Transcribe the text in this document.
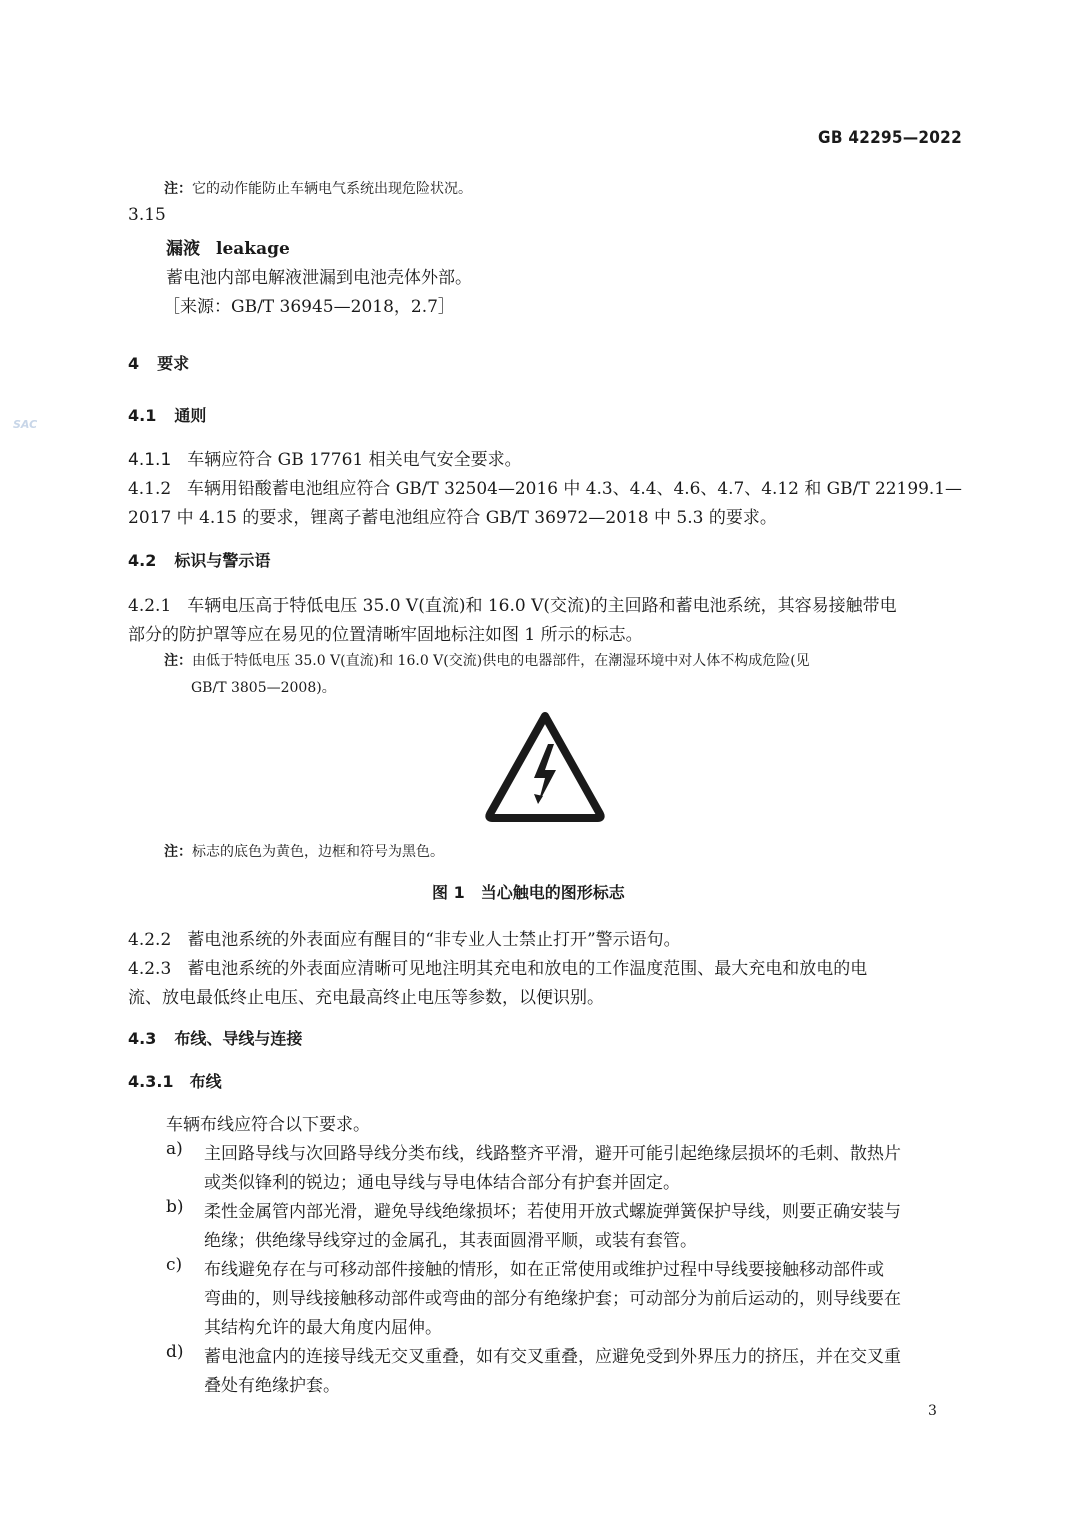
GB 42295—2022
SAC
注：它的动作能防止车辆电气系统出现危险状况。
3.15
漏液 leakage
蓄电池内部电解液泄漏到电池壳体外部。
［来源：GB/T 36945—2018，2.7］
4 要求
4.1 通则
4.1.1 车辆应符合 GB 17761 相关电气安全要求。
4.1.2 车辆用铅酸蓄电池组应符合 GB/T 32504—2016 中 4.3、4.4、4.6、4.7、4.12 和 GB/T 22199.1—
2017 中 4.15 的要求，锂离子蓄电池组应符合 GB/T 36972—2018 中 5.3 的要求。
4.2 标识与警示语
4.2.1 车辆电压高于特低电压 35.0 V(直流)和 16.0 V(交流)的主回路和蓄电池系统，其容易接触带电
部分的防护罩等应在易见的位置清晰牢固地标注如图 1 所示的标志。
注：由低于特低电压 35.0 V(直流)和 16.0 V(交流)供电的电器部件，在潮湿环境中对人体不构成危险(见
GB/T 3805—2008)。
注：标志的底色为黄色，边框和符号为黑色。
图 1　当心触电的图形标志
4.2.2 蓄电池系统的外表面应有醒目的“非专业人士禁止打开”警示语句。
4.2.3 蓄电池系统的外表面应清晰可见地注明其充电和放电的工作温度范围、最大充电和放电的电
流、放电最低终止电压、充电最高终止电压等参数，以便识别。
4.3 布线、导线与连接
4.3.1 布线
车辆布线应符合以下要求。
a) 主回路导线与次回路导线分类布线，线路整齐平滑，避开可能引起绝缘层损坏的毛刺、散热片
或类似锋利的锐边；通电导线与导电体结合部分有护套并固定。
b) 柔性金属管内部光滑，避免导线绝缘损坏；若使用开放式螺旋弹簧保护导线，则要正确安装与
绝缘；供绝缘导线穿过的金属孔，其表面圆滑平顺，或装有套管。
c) 布线避免存在与可移动部件接触的情形，如在正常使用或维护过程中导线要接触移动部件或
弯曲的，则导线接触移动部件或弯曲的部分有绝缘护套；可动部分为前后运动的，则导线要在
其结构允许的最大角度内屈伸。
d) 蓄电池盒内的连接导线无交叉重叠，如有交叉重叠，应避免受到外界压力的挤压，并在交叉重
叠处有绝缘护套。
3
